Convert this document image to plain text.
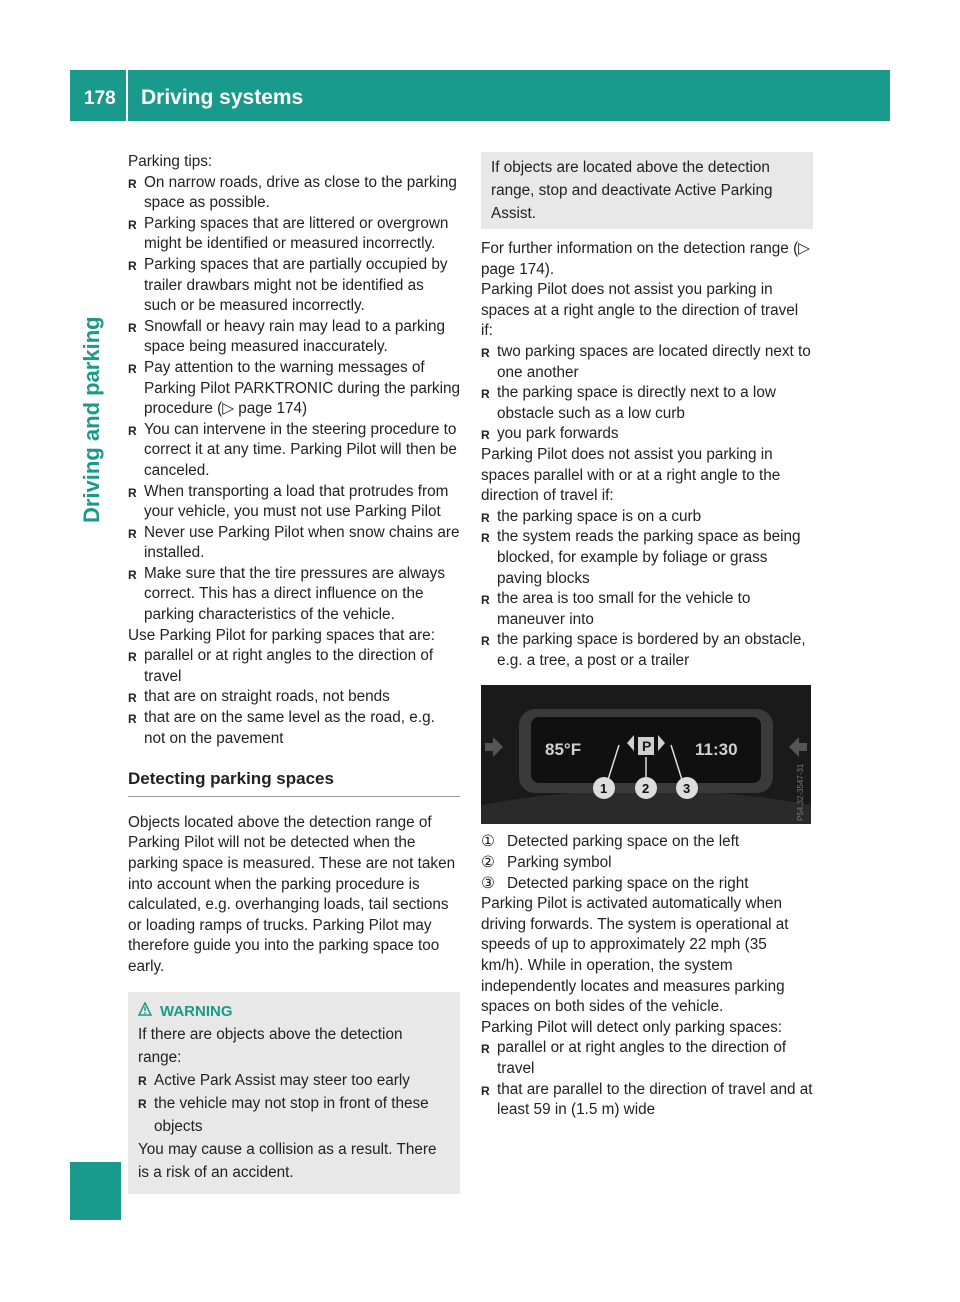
178 Driving systems
Driving and parking

Parking tips:

R On narrow roads, drive as close to the parking space as possible.
R Parking spaces that are littered or overgrown might be identified or measured incorrectly.
R Parking spaces that are partially occupied by trailer drawbars might not be identified as such or be measured incorrectly.
R Snowfall or heavy rain may lead to a parking space being measured inaccurately.
R Pay attention to the warning messages of Parking Pilot PARKTRONIC during the parking procedure (▷ page 174)
R You can intervene in the steering procedure to correct it at any time. Parking Pilot will then be canceled.
R When transporting a load that protrudes from your vehicle, you must not use Parking Pilot
R Never use Parking Pilot when snow chains are installed.
R Make sure that the tire pressures are always correct. This has a direct influence on the parking characteristics of the vehicle.

Use Parking Pilot for parking spaces that are:

R parallel or at right angles to the direction of travel
R that are on straight roads, not bends
R that are on the same level as the road, e.g. not on the pavement
Detecting parking spaces

Objects located above the detection range of Parking Pilot will not be detected when the parking space is measured. These are not taken into account when the parking procedure is calculated, e.g. overhanging loads, tail sections or loading ramps of trucks. Parking Pilot may therefore guide you into the parking space too early.

WARNING

If there are objects above the detection range:

R Active Park Assist may steer too early
R the vehicle may not stop in front of these objects

You may cause a collision as a result. There is a risk of an accident.

If objects are located above the detection range, stop and deactivate Active Parking Assist.

For further information on the detection range (▷ page 174).

Parking Pilot does not assist you parking in spaces at a right angle to the direction of travel if:

R two parking spaces are located directly next to one another
R the parking space is directly next to a low obstacle such as a low curb
R you park forwards

Parking Pilot does not assist you parking in spaces parallel with or at a right angle to the direction of travel if:

R the parking space is on a curb
R the system reads the parking space as being blocked, for example by foliage or grass paving blocks
R the area is too small for the vehicle to maneuver into
R the parking space is bordered by an obstacle, e.g. a tree, a post or a trailer
85°F	P	11:30
1	2	3	P54.32-3547-31
① Detected parking space on the left
② Parking symbol
③ Detected parking space on the right

Parking Pilot is activated automatically when driving forwards. The system is operational at speeds of up to approximately 22 mph (35 km/h). While in operation, the system independently locates and measures parking spaces on both sides of the vehicle.

Parking Pilot will detect only parking spaces:

R parallel or at right angles to the direction of travel
R that are parallel to the direction of travel and at least 59 in (1.5 m) wide
